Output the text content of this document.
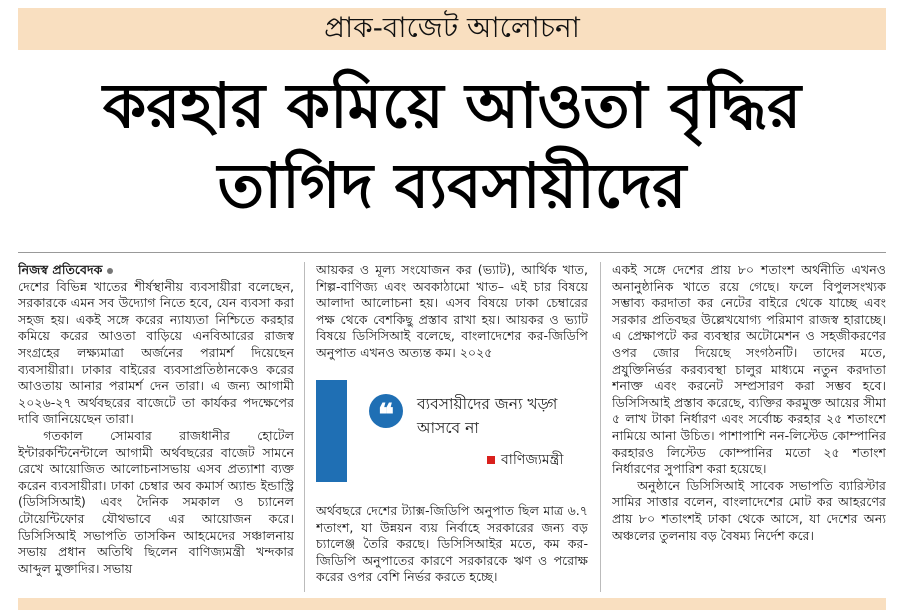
প্রাক-বাজেট আলোচনা
করহার কমিয়ে আওতা বৃদ্ধির
তাগিদ ব্যবসায়ীদের

নিজস্ব প্রতিবেদক

দেশের বিভিন্ন খাতের শীর্ষস্থানীয় ব্যবসায়ীরা বলেছেন, সরকারকে এমন সব উদ্যোগ নিতে হবে, যেন ব্যবসা করা সহজ হয়। একই সঙ্গে করের ন্যায্যতা নিশ্চিতে করহার কমিয়ে করের আওতা বাড়িয়ে এনবিআরের রাজস্ব সংগ্রহের লক্ষ্যমাত্রা অর্জনের পরামর্শ দিয়েছেন ব্যবসায়ীরা। ঢাকার বাইরের ব্যবসাপ্রতিষ্ঠানকেও করের আওতায় আনার পরামর্শ দেন তারা। এ জন্য আগামী ২০২৬-২৭ অর্থবছরের বাজেটে তা কার্যকর পদক্ষেপের দাবি জানিয়েছেন তারা।

গতকাল সোমবার রাজধানীর হোটেল ইন্টারকন্টিনেন্টালে আগামী অর্থবছরের বাজেট সামনে রেখে আয়োজিত আলোচনাসভায় এসব প্রত্যাশা ব্যক্ত করেন ব্যবসায়ীরা। ঢাকা চেম্বার অব কমার্স অ্যান্ড ইন্ডাস্ট্রি (ডিসিসিআই) এবং দৈনিক সমকাল ও চ্যানেল টোয়েন্টিফোর যৌথভাবে এর আয়োজন করে। ডিসিসিআই সভাপতি তাসকিন আহমেদের সঞ্চালনায় সভায় প্রধান অতিথি ছিলেন বাণিজ্যমন্ত্রী খন্দকার আব্দুল মুক্তাদির। সভায়

আয়কর ও মূল্য সংযোজন কর (ভ্যাট), আর্থিক খাত, শিল্প-বাণিজ্য এবং অবকাঠামো খাত– এই চার বিষয়ে আলাদা আলোচনা হয়। এসব বিষয়ে ঢাকা চেম্বারের পক্ষ থেকে বেশকিছু প্রস্তাব রাখা হয়। আয়কর ও ভ্যাট বিষয়ে ডিসিসিআই বলেছে, বাংলাদেশের কর-জিডিপি অনুপাত এখনও অত্যন্ত কম। ২০২৫

❝	ব্যবসায়ীদের জন্য খড়্গ আসবে না
বাণিজ্যমন্ত্রী

অর্থবছরে দেশের ট্যাক্স-জিডিপি অনুপাত ছিল মাত্র ৬.৭ শতাংশ, যা উন্নয়ন ব্যয় নির্বাহে সরকারের জন্য বড় চ্যালেঞ্জ তৈরি করছে। ডিসিসিআইর মতে, কম কর-জিডিপি অনুপাতের কারণে সরকারকে ঋণ ও পরোক্ষ করের ওপর বেশি নির্ভর করতে হচ্ছে।

একই সঙ্গে দেশের প্রায় ৮০ শতাংশ অর্থনীতি এখনও অনানুষ্ঠানিক খাতে রয়ে গেছে। ফলে বিপুলসংখ্যক সম্ভাব্য করদাতা কর নেটের বাইরে থেকে যাচ্ছে এবং সরকার প্রতিবছর উল্লেখযোগ্য পরিমাণ রাজস্ব হারাচ্ছে। এ প্রেক্ষাপটে কর ব্যবস্থার অটোমেশন ও সহজীকরণের ওপর জোর দিয়েছে সংগঠনটি। তাদের মতে, প্রযুক্তিনির্ভর করব্যবস্থা চালুর মাধ্যমে নতুন করদাতা শনাক্ত এবং করনেট সম্প্রসারণ করা সম্ভব হবে। ডিসিসিআই প্রস্তাব করেছে, ব্যক্তির করমুক্ত আয়ের সীমা ৫ লাখ টাকা নির্ধারণ এবং সর্বোচ্চ করহার ২৫ শতাংশে নামিয়ে আনা উচিত। পাশাপাশি নন-লিস্টেড কোম্পানির করহারও লিস্টেড কোম্পানির মতো ২৫ শতাংশ নির্ধারণের সুপারিশ করা হয়েছে।

অনুষ্ঠানে ডিসিসিআই সাবেক সভাপতি ব্যারিস্টার সামির সাত্তার বলেন, বাংলাদেশের মোট কর আহরণের প্রায় ৮০ শতাংশই ঢাকা থেকে আসে, যা দেশের অন্য অঞ্চলের তুলনায় বড় বৈষম্য নির্দেশ করে।
